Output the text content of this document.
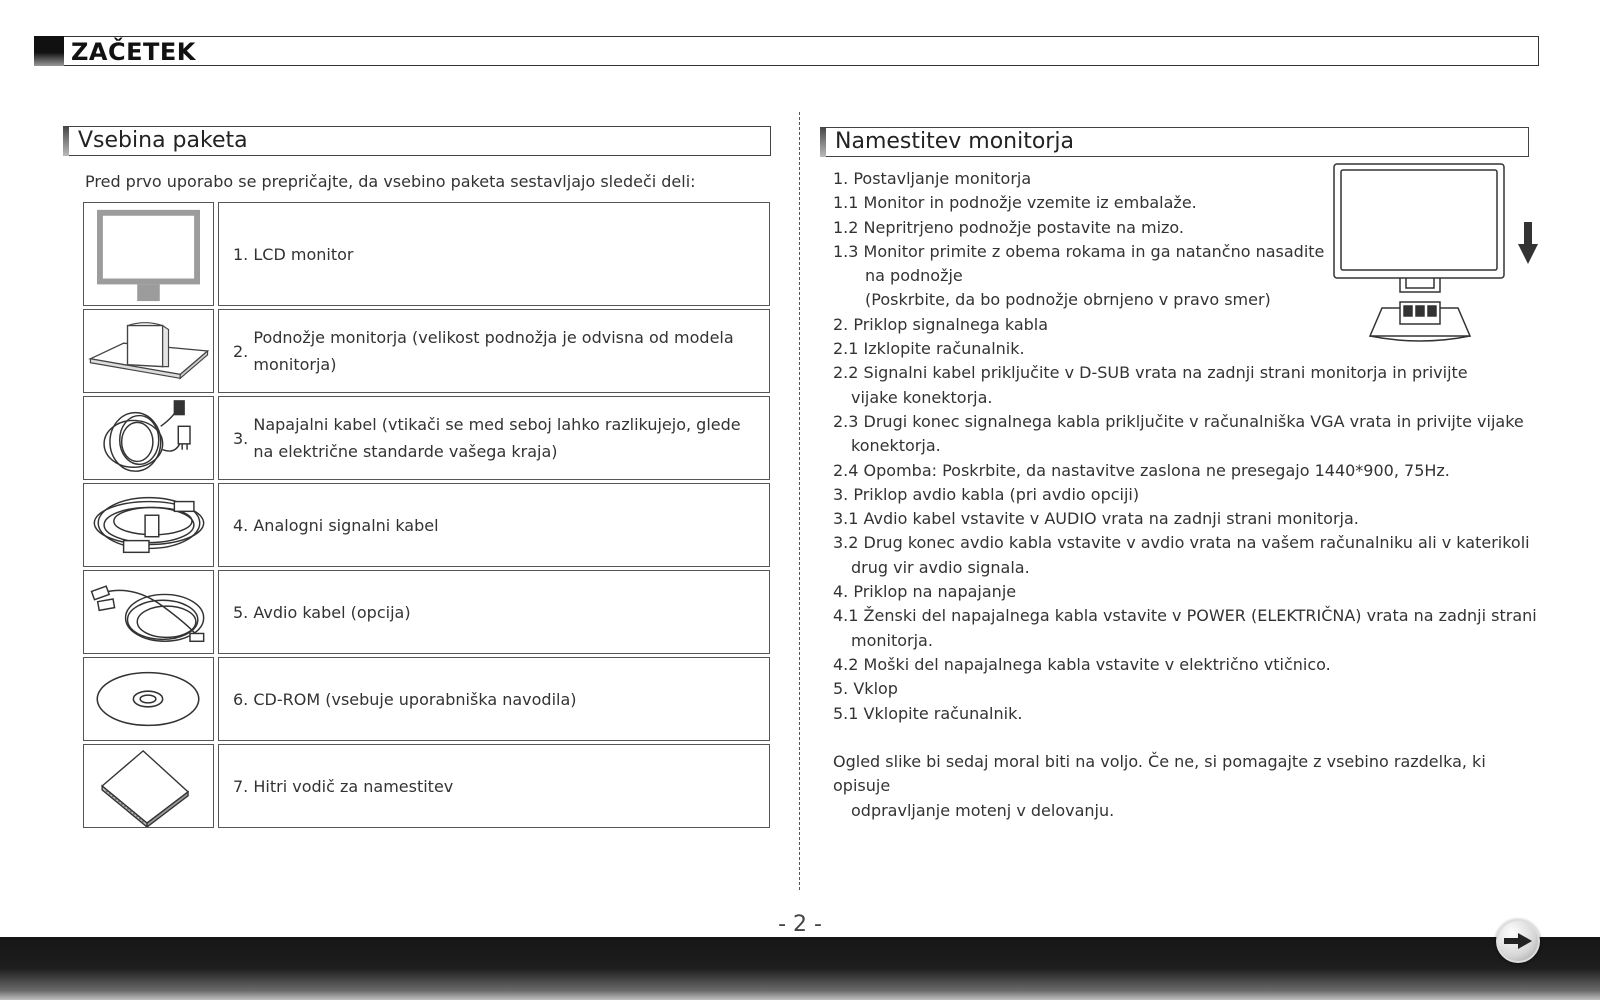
ZAČETEK
Vsebina paketa
Pred prvo uporabo se prepričajte, da vsebino paketa sestavljajo sledeči deli:
1. LCD monitor
2.
Podnožje monitorja (velikost podnožja je odvisna od modela monitorja)
3.
Napajalni kabel (vtikači se med seboj lahko razlikujejo, glede na električne standarde vašega kraja)
4. Analogni signalni kabel
5. Avdio kabel (opcija)
6. CD-ROM (vsebuje uporabniška navodila)
7. Hitri vodič za namestitev
Namestitev monitorja
1. Postavljanje monitorja
1.1 Monitor in podnožje vzemite iz embalaže.
1.2 Nepritrjeno podnožje postavite na mizo.
1.3 Monitor primite z obema rokama in ga natančno nasadite
na podnožje
(Poskrbite, da bo podnožje obrnjeno v pravo smer)
2. Priklop signalnega kabla
2.1 Izklopite računalnik.
2.2 Signalni kabel priključite v D-SUB vrata na zadnji strani monitorja in privijte
vijake konektorja.
2.3 Drugi konec signalnega kabla priključite v računalniška VGA vrata in privijte vijake
konektorja.
2.4 Opomba: Poskrbite, da nastavitve zaslona ne presegajo 1440*900, 75Hz.
3. Priklop avdio kabla (pri avdio opciji)
3.1 Avdio kabel vstavite v AUDIO vrata na zadnji strani monitorja.
3.2 Drug konec avdio kabla vstavite v avdio vrata na vašem računalniku ali v katerikoli
drug vir avdio signala.
4. Priklop na napajanje
4.1 Ženski del napajalnega kabla vstavite v POWER (ELEKTRIČNA) vrata na zadnji strani
monitorja.
4.2 Moški del napajalnega kabla vstavite v električno vtičnico.
5. Vklop
5.1 Vklopite računalnik.
Ogled slike bi sedaj moral biti na voljo. Če ne, si pomagajte z vsebino razdelka, ki opisuje
odpravljanje motenj v delovanju.
- 2 -
